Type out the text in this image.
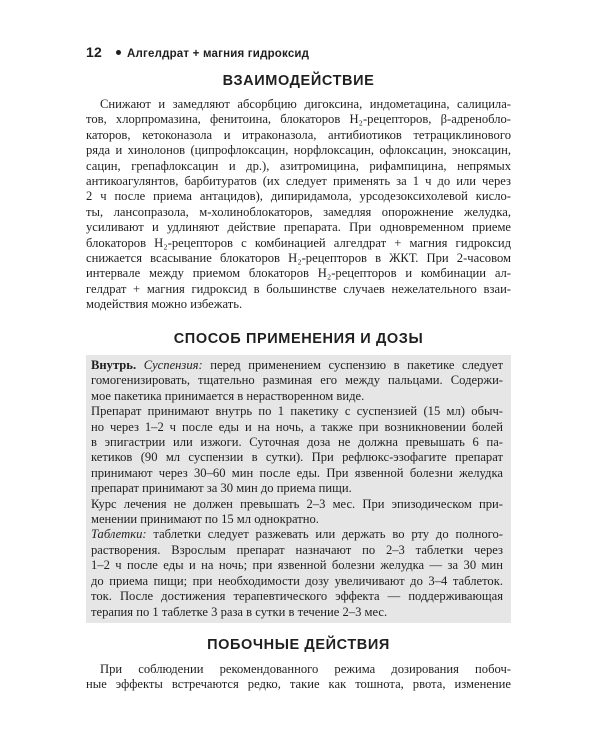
12 Алгелдрат + магния гидроксид
ВЗАИМОДЕЙСТВИЕ
Снижают и замедляют абсорбцию дигоксина, индометацина, салицила-
тов, хлорпромазина, фенитоина, блокаторов H₂-рецепторов, β-адренобло-
каторов, кетоконазола и итраконазола, антибиотиков тетрациклинового
ряда и хинолонов (ципрофлоксацин, норфлоксацин, офлоксацин, эноксацин,
сацин, грепафлоксацин и др.), азитромицина, рифампицина, непрямых
антикоагулянтов, барбитуратов (их следует применять за 1 ч до или через
2 ч после приема антацидов), дипиридамола, урсодезоксихолевой кисло-
ты, лансопразола, м-холиноблокаторов, замедляя опорожнение желудка,
усиливают и удлиняют действие препарата. При одновременном приеме
блокаторов H₂-рецепторов с комбинацией алгелдрат + магния гидроксид
снижается всасывание блокаторов H₂-рецепторов в ЖКТ. При 2-часовом
интервале между приемом блокаторов H₂-рецепторов и комбинации ал-
гелдрат + магния гидроксид в большинстве случаев нежелательного взаи-
модействия можно избежать.
СПОСОБ ПРИМЕНЕНИЯ И ДОЗЫ
Внутрь. Суспензия: перед применением суспензию в пакетике следует
гомогенизировать, тщательно разминая его между пальцами. Содержи-
мое пакетика принимается в нерастворенном виде.
Препарат принимают внутрь по 1 пакетику с суспензией (15 мл) обыч-
но через 1–2 ч после еды и на ночь, а также при возникновении болей
в эпигастрии или изжоги. Суточная доза не должна превышать 6 па-
кетиков (90 мл суспензии в сутки). При рефлюкс-эзофагите препарат
принимают через 30–60 мин после еды. При язвенной болезни желудка
препарат принимают за 30 мин до приема пищи.
Курс лечения не должен превышать 2–3 мес. При эпизодическом при-
менении принимают по 15 мл однократно.
Таблетки: таблетки следует разжевать или держать во рту до полного-
растворения. Взрослым препарат назначают по 2–3 таблетки через
1–2 ч после еды и на ночь; при язвенной болезни желудка — за 30 мин
до приема пищи; при необходимости дозу увеличивают до 3–4 таблеток.
ток. После достижения терапевтического эффекта — поддерживающая
терапия по 1 таблетке 3 раза в сутки в течение 2–3 мес.
ПОБОЧНЫЕ ДЕЙСТВИЯ
При соблюдении рекомендованного режима дозирования побоч-
ные эффекты встречаются редко, такие как тошнота, рвота, изменение
